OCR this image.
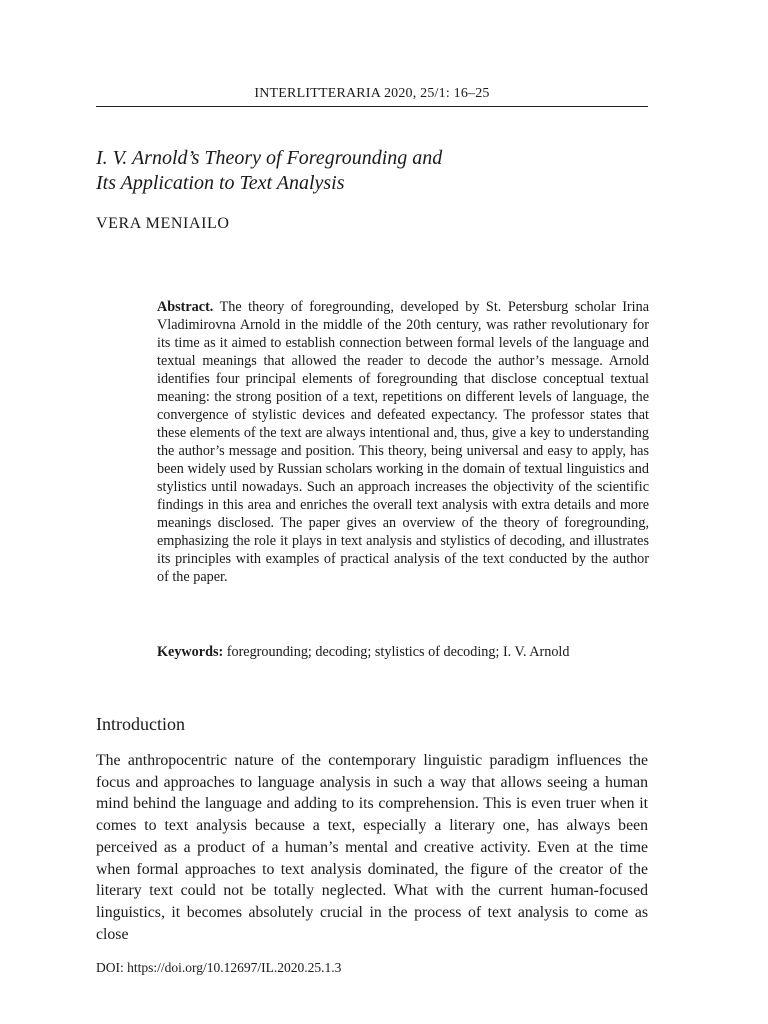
INTERLITTERARIA 2020, 25/1: 16–25
I. V. Arnold’s Theory of Foregrounding and
Its Application to Text Analysis
VERA MENIAILO

Abstract. The theory of foregrounding, developed by St. Petersburg scholar Irina Vladimirovna Arnold in the middle of the 20th century, was rather revolutionary for its time as it aimed to establish connection between formal levels of the language and textual meanings that allowed the reader to decode the author’s message. Arnold identifies four principal elements of foregrounding that disclose conceptual textual meaning: the strong position of a text, repetitions on different levels of language, the convergence of stylistic devices and defeated expectancy. The professor states that these elements of the text are always intentional and, thus, give a key to understanding the author’s message and position. This theory, being universal and easy to apply, has been widely used by Russian scholars working in the domain of textual linguistics and stylistics until nowadays. Such an approach increases the objectivity of the scientific findings in this area and enriches the overall text analysis with extra details and more meanings disclosed. The paper gives an overview of the theory of foregrounding, emphasizing the role it plays in text analysis and stylistics of decoding, and illustrates its principles with examples of practical analysis of the text conducted by the author of the paper.

Keywords: foregrounding; decoding; stylistics of decoding; I. V. Arnold

Introduction

The anthropocentric nature of the contemporary linguistic paradigm influences the focus and approaches to language analysis in such a way that allows seeing a human mind behind the language and adding to its comprehension. This is even truer when it comes to text analysis because a text, especially a literary one, has always been perceived as a product of a human’s mental and creative activity. Even at the time when formal approaches to text analysis dominated, the figure of the creator of the literary text could not be totally neglected. What with the current human-focused linguistics, it becomes absolutely crucial in the process of text analysis to come as close

DOI: https://doi.org/10.12697/IL.2020.25.1.3
